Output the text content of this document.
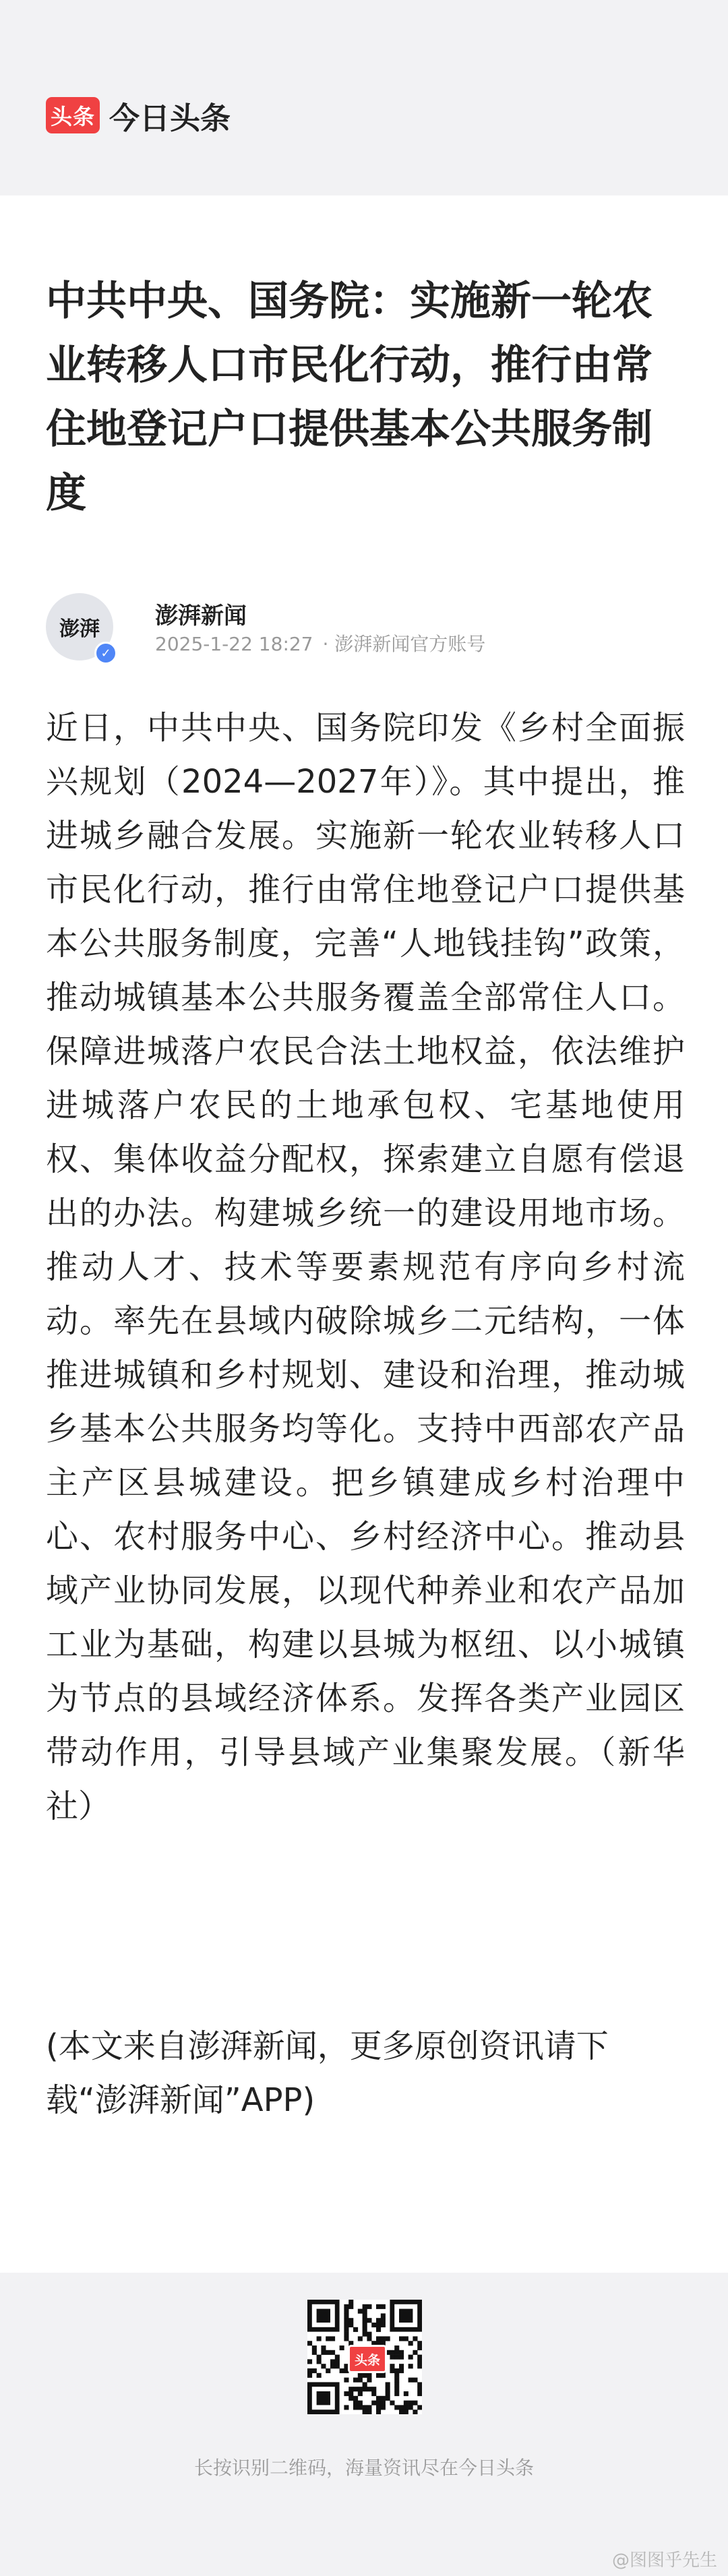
头条 今日头条
中共中央、国务院：实施新一轮农业转移人口市民化行动，推行由常住地登记户口提供基本公共服务制度
澎湃
✓
澎湃新闻
2025-1-22 18:27 · 澎湃新闻官方账号

近日，中共中央、国务院印发《乡村全面振兴规划（2024—2027年）》。其中提出，推进城乡融合发展。实施新一轮农业转移人口市民化行动，推行由常住地登记户口提供基本公共服务制度，完善“人地钱挂钩”政策，推动城镇基本公共服务覆盖全部常住人口。保障进城落户农民合法土地权益，依法维护进城落户农民的土地承包权、宅基地使用权、集体收益分配权，探索建立自愿有偿退出的办法。构建城乡统一的建设用地市场。推动人才、技术等要素规范有序向乡村流动。率先在县域内破除城乡二元结构，一体推进城镇和乡村规划、建设和治理，推动城乡基本公共服务均等化。支持中西部农产品主产区县城建设。把乡镇建成乡村治理中心、农村服务中心、乡村经济中心。推动县域产业协同发展，以现代种养业和农产品加工业为基础，构建以县城为枢纽、以小城镇为节点的县域经济体系。发挥各类产业园区带动作用，引导县域产业集聚发展。（新华社）

(本文来自澎湃新闻，更多原创资讯请下载“澎湃新闻”APP)

头条
长按识别二维码，海量资讯尽在今日头条
@图图乎先生
